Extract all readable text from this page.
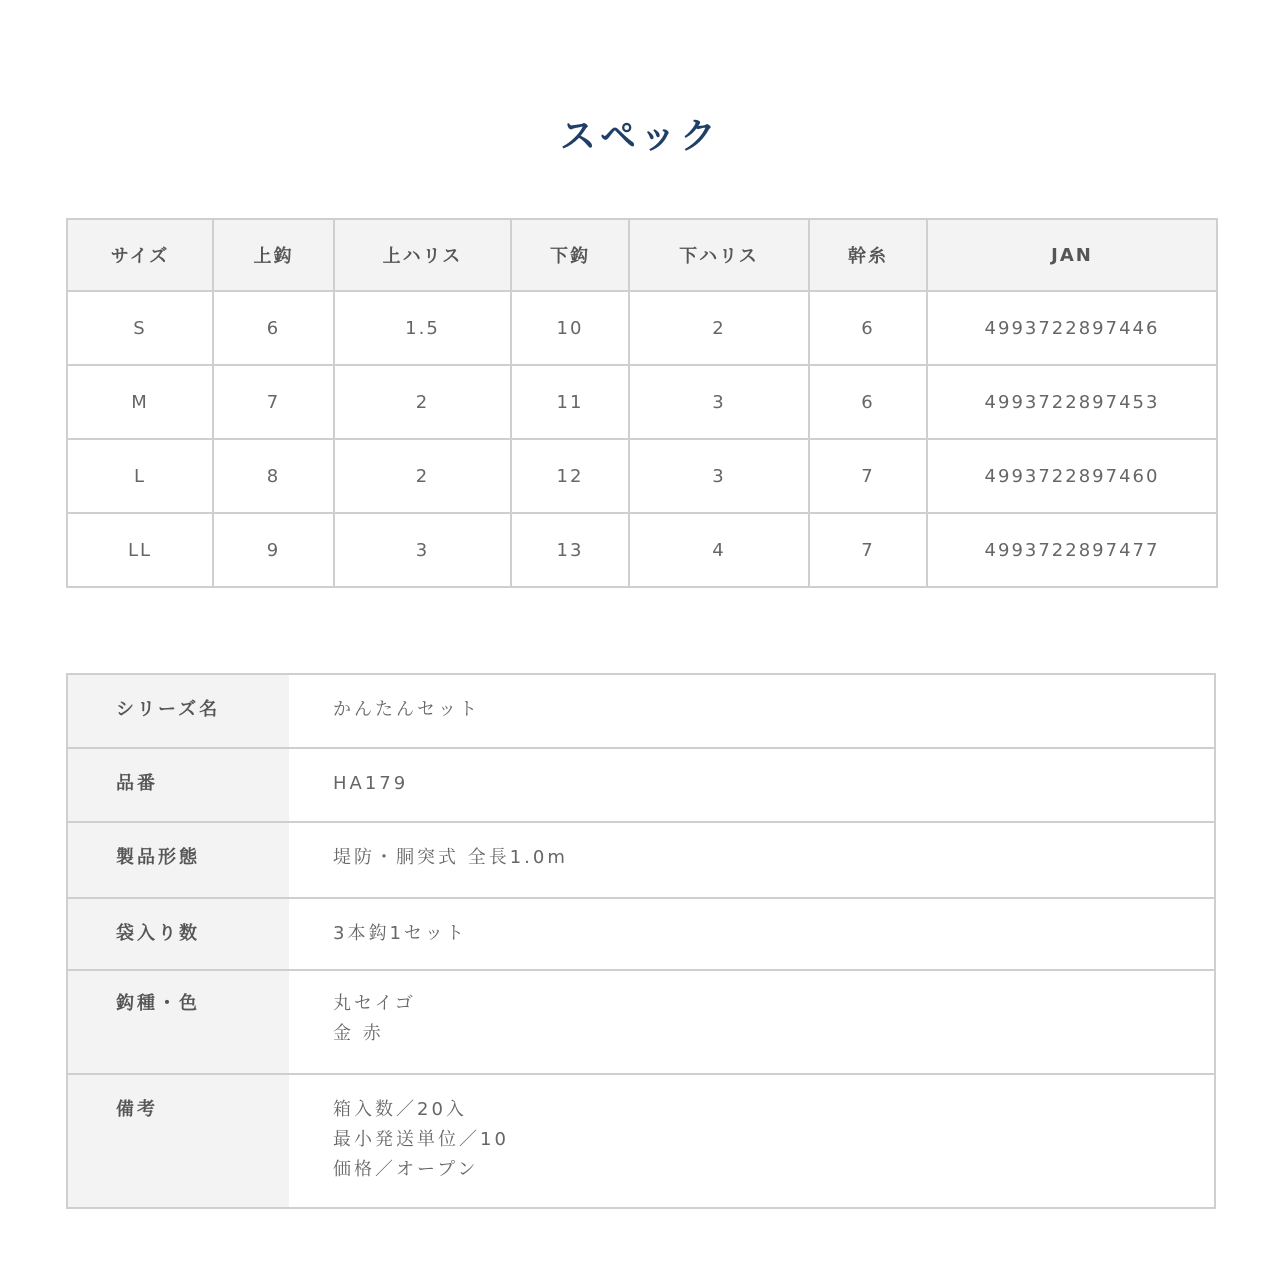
スペック
サイズ	上鈎	上ハリス	下鈎	下ハリス	幹糸	JAN
S	6	1.5	10	2	6	4993722897446
M	7	2	11	3	6	4993722897453
L	8	2	12	3	7	4993722897460
LL	9	3	13	4	7	4993722897477
シリーズ名	かんたんセット

品番	HA179

製品形態	堤防・胴突式 全長1.0m

袋入り数	3本鈎1セット

鈎種・色	丸セイゴ
金 赤

備考	箱入数／20入
最小発送単位／10
価格／オープン
